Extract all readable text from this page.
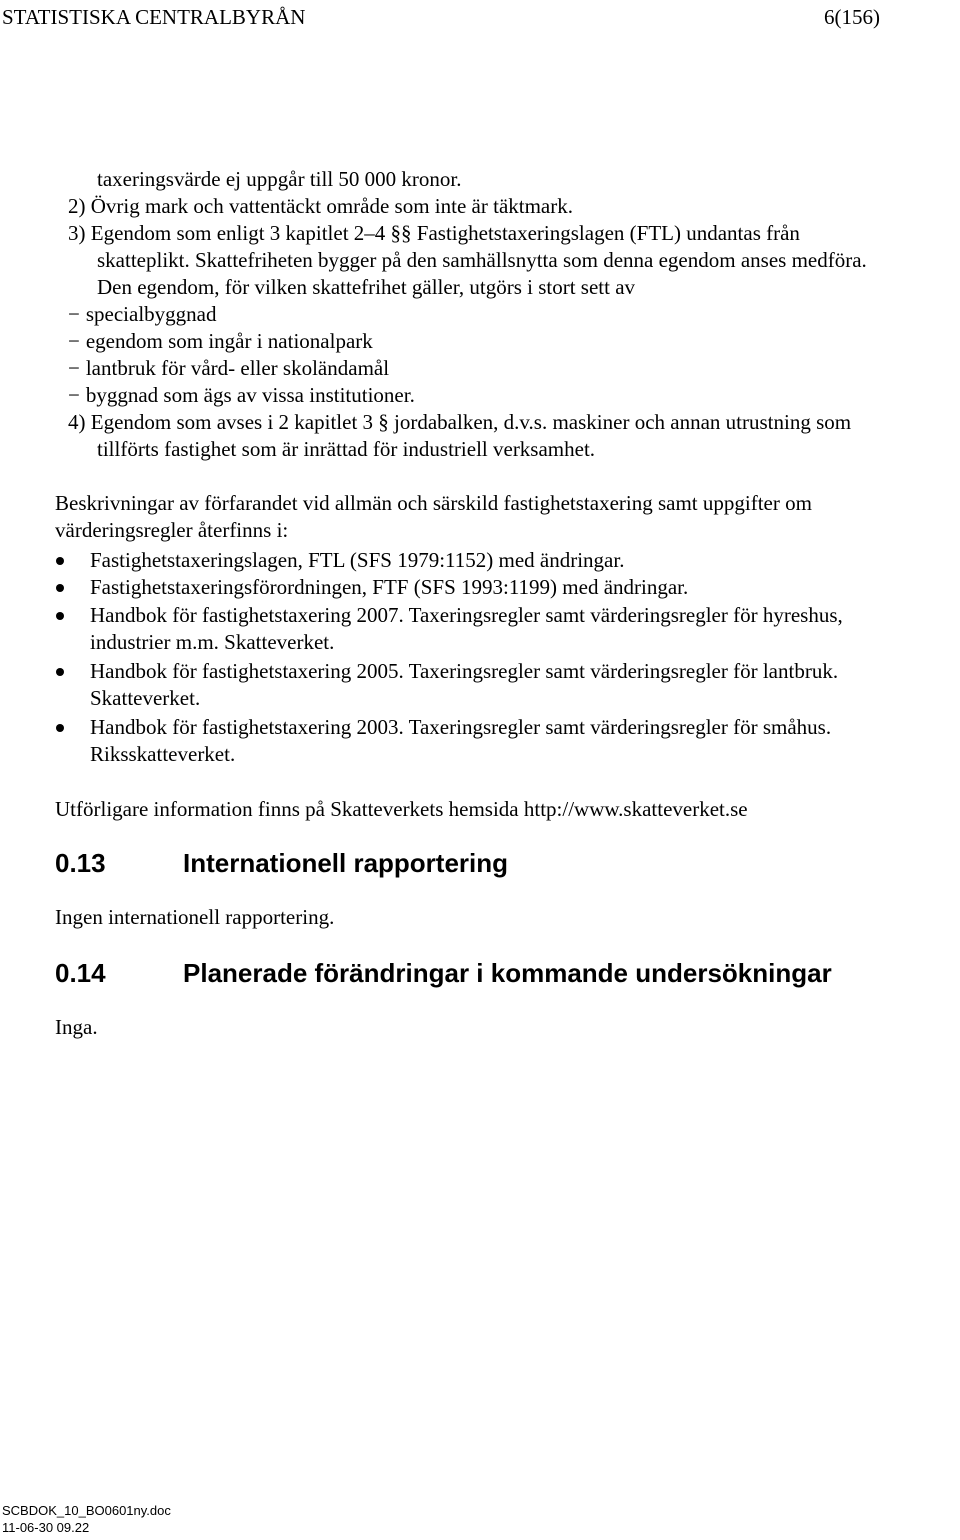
STATISTISKA CENTRALBYRÅN	6(156)
taxeringsvärde ej uppgår till 50 000 kronor.
2) Övrig mark och vattentäckt område som inte är täktmark.
3) Egendom som enligt 3 kapitlet 2–4 §§ Fastighetstaxeringslagen (FTL) undantas från
skatteplikt. Skattefriheten bygger på den samhällsnytta som denna egendom anses medföra.
Den egendom, för vilken skattefrihet gäller, utgörs i stort sett av
− specialbyggnad
− egendom som ingår i nationalpark
− lantbruk för vård- eller skoländamål
− byggnad som ägs av vissa institutioner.
4) Egendom som avses i 2 kapitlet 3 § jordabalken, d.v.s. maskiner och annan utrustning som
tillförts fastighet som är inrättad för industriell verksamhet.
Beskrivningar av förfarandet vid allmän och särskild fastighetstaxering samt uppgifter om
värderingsregler återfinns i:
Fastighetstaxeringslagen, FTL (SFS 1979:1152) med ändringar.
Fastighetstaxeringsförordningen, FTF (SFS 1993:1199) med ändringar.
Handbok för fastighetstaxering 2007. Taxeringsregler samt värderingsregler för hyreshus,
industrier m.m. Skatteverket.
Handbok för fastighetstaxering 2005. Taxeringsregler samt värderingsregler för lantbruk.
Skatteverket.
Handbok för fastighetstaxering 2003. Taxeringsregler samt värderingsregler för småhus.
Riksskatteverket.
Utförligare information finns på Skatteverkets hemsida http://www.skatteverket.se
0.13	Internationell rapportering
Ingen internationell rapportering.
0.14	Planerade förändringar i kommande undersökningar
Inga.
SCBDOK_10_BO0601ny.doc
11-06-30 09.22
